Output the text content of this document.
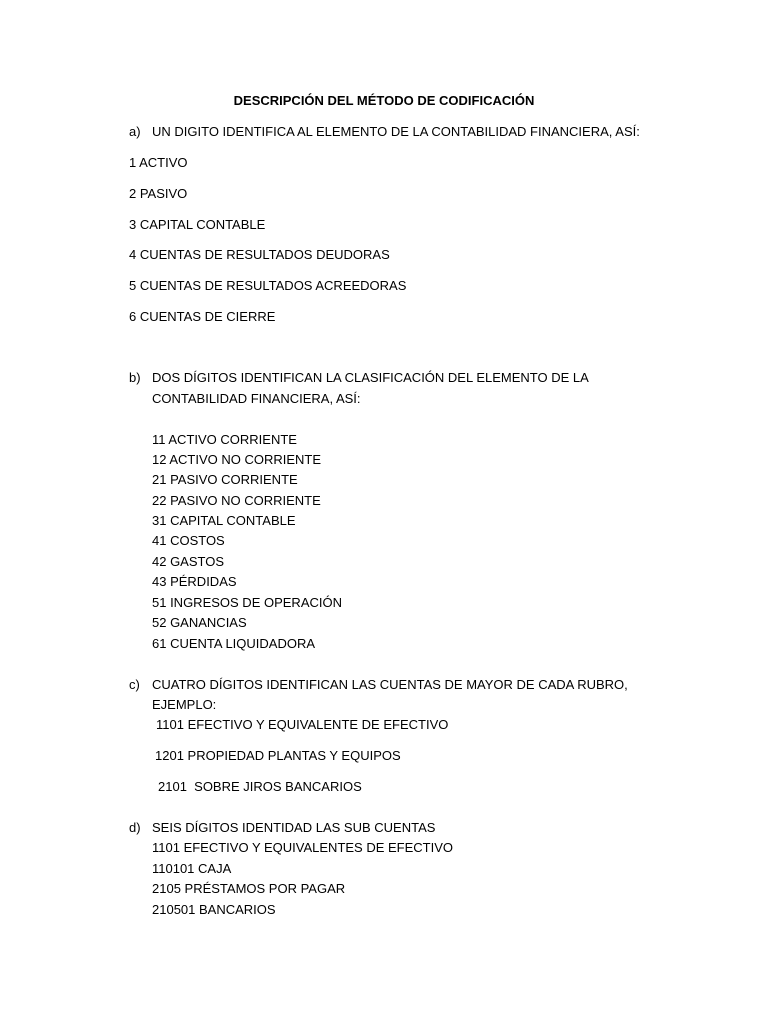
DESCRIPCIÓN DEL MÉTODO DE CODIFICACIÓN
a) UN DIGITO IDENTIFICA AL ELEMENTO DE LA CONTABILIDAD FINANCIERA, ASÍ:
1 ACTIVO
2 PASIVO
3 CAPITAL CONTABLE
4 CUENTAS DE RESULTADOS DEUDORAS
5 CUENTAS DE RESULTADOS ACREEDORAS
6 CUENTAS DE CIERRE
b) DOS DÍGITOS IDENTIFICAN LA CLASIFICACIÓN DEL ELEMENTO DE LA
CONTABILIDAD FINANCIERA, ASÍ:
11 ACTIVO CORRIENTE
12 ACTIVO NO CORRIENTE
21 PASIVO CORRIENTE
22 PASIVO NO CORRIENTE
31 CAPITAL CONTABLE
41 COSTOS
42 GASTOS
43 PÉRDIDAS
51 INGRESOS DE OPERACIÓN
52 GANANCIAS
61 CUENTA LIQUIDADORA
c) CUATRO DÍGITOS IDENTIFICAN LAS CUENTAS DE MAYOR DE CADA RUBRO,
EJEMPLO:
1101 EFECTIVO Y EQUIVALENTE DE EFECTIVO
1201 PROPIEDAD PLANTAS Y EQUIPOS
2101  SOBRE JIROS BANCARIOS
d) SEIS DÍGITOS IDENTIDAD LAS SUB CUENTAS
1101 EFECTIVO Y EQUIVALENTES DE EFECTIVO
110101 CAJA
2105 PRÉSTAMOS POR PAGAR
210501 BANCARIOS
